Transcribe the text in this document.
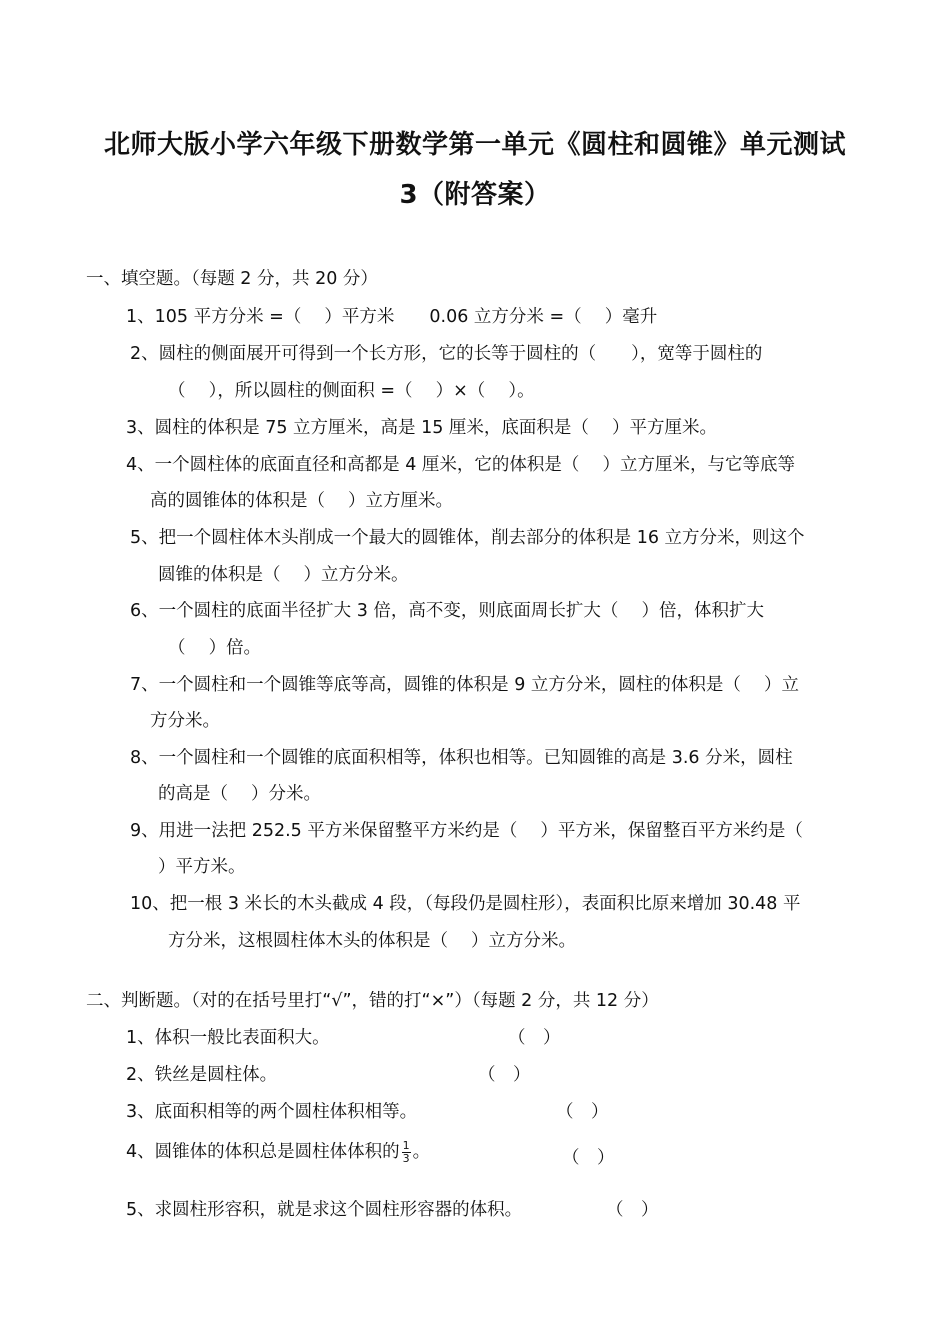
北师大版小学六年级下册数学第一单元《圆柱和圆锥》单元测试
3（附答案）
一、填空题。（每题 2 分，共 20 分）
1、105 平方分米 =（　 ）平方米　　0.06 立方分米 =（　 ）毫升
2、圆柱的侧面展开可得到一个长方形，它的长等于圆柱的（　　），宽等于圆柱的
（　 ），所以圆柱的侧面积 =（　 ）×（　 ）。
3、圆柱的体积是 75 立方厘米，高是 15 厘米，底面积是（　 ）平方厘米。
4、一个圆柱体的底面直径和高都是 4 厘米，它的体积是（　 ）立方厘米，与它等底等
高的圆锥体的体积是（　 ）立方厘米。
5、把一个圆柱体木头削成一个最大的圆锥体，削去部分的体积是 16 立方分米，则这个
圆锥的体积是（　 ）立方分米。
6、一个圆柱的底面半径扩大 3 倍，高不变，则底面周长扩大（　 ）倍，体积扩大
（　 ）倍。
7、一个圆柱和一个圆锥等底等高，圆锥的体积是 9 立方分米，圆柱的体积是（　 ）立
方分米。
8、一个圆柱和一个圆锥的底面积相等，体积也相等。已知圆锥的高是 3.6 分米，圆柱
的高是（　 ）分米。
9、用进一法把 252.5 平方米保留整平方米约是（　 ）平方米，保留整百平方米约是（
）平方米。
10、把一根 3 米长的木头截成 4 段，（每段仍是圆柱形），表面积比原来增加 30.48 平
方分米，这根圆柱体木头的体积是（　 ）立方分米。
二、判断题。（对的在括号里打“√”，错的打“×”）（每题 2 分，共 12 分）
1、体积一般比表面积大。	（　）
2、铁丝是圆柱体。	（　）
3、底面积相等的两个圆柱体积相等。	（　）
4、圆锥体的体积总是圆柱体体积的 $\frac{1}{3}$ 。	（　）
5、求圆柱形容积，就是求这个圆柱形容器的体积。	（　）
